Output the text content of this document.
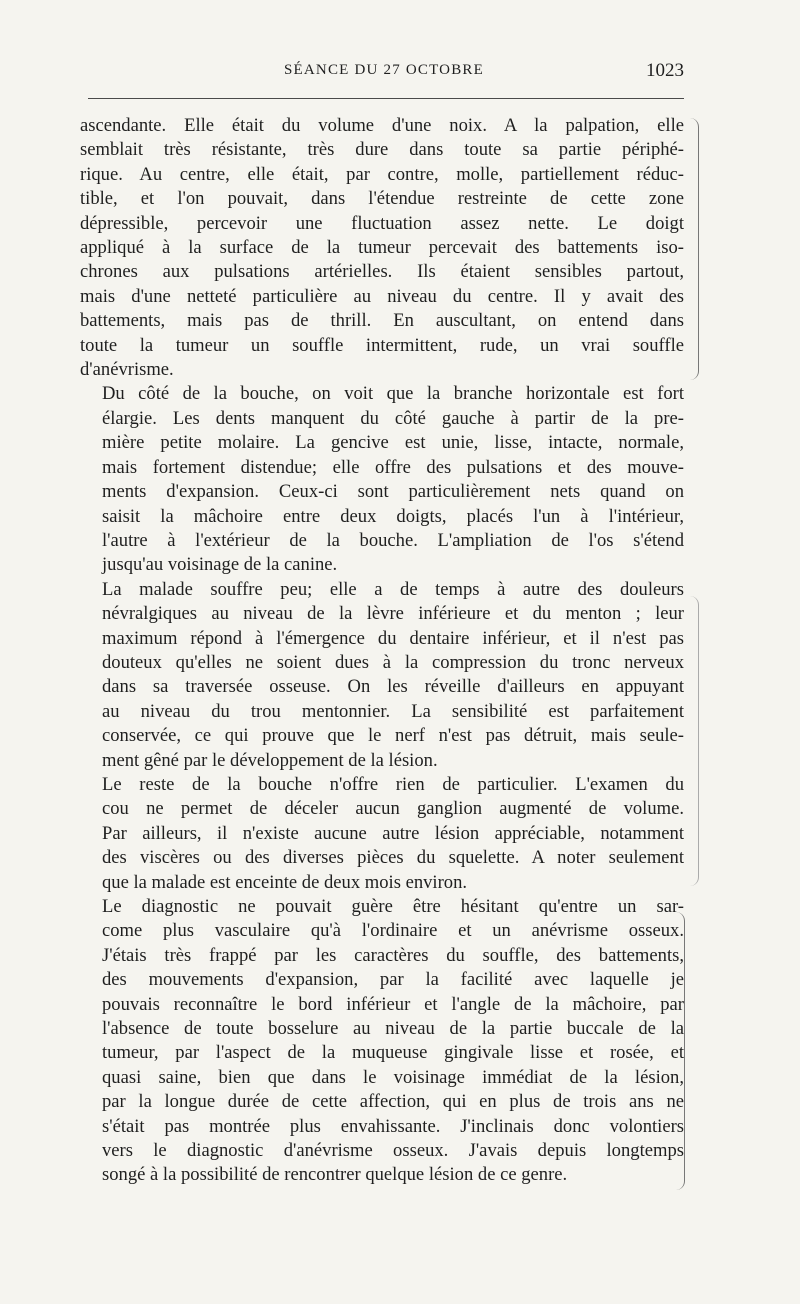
SÉANCE DU 27 OCTOBRE	1023
ascendante. Elle était du volume d'une noix. A la palpation, elle
semblait très résistante, très dure dans toute sa partie périphé-
rique. Au centre, elle était, par contre, molle, partiellement réduc-
tible, et l'on pouvait, dans l'étendue restreinte de cette zone
dépressible, percevoir une fluctuation assez nette. Le doigt
appliqué à la surface de la tumeur percevait des battements iso-
chrones aux pulsations artérielles. Ils étaient sensibles partout,
mais d'une netteté particulière au niveau du centre. Il y avait des
battements, mais pas de thrill. En auscultant, on entend dans
toute la tumeur un souffle intermittent, rude, un vrai souffle
d'anévrisme.
Du côté de la bouche, on voit que la branche horizontale est fort
élargie. Les dents manquent du côté gauche à partir de la pre-
mière petite molaire. La gencive est unie, lisse, intacte, normale,
mais fortement distendue; elle offre des pulsations et des mouve-
ments d'expansion. Ceux-ci sont particulièrement nets quand on
saisit la mâchoire entre deux doigts, placés l'un à l'intérieur,
l'autre à l'extérieur de la bouche. L'ampliation de l'os s'étend
jusqu'au voisinage de la canine.
La malade souffre peu; elle a de temps à autre des douleurs
névralgiques au niveau de la lèvre inférieure et du menton ; leur
maximum répond à l'émergence du dentaire inférieur, et il n'est pas
douteux qu'elles ne soient dues à la compression du tronc nerveux
dans sa traversée osseuse. On les réveille d'ailleurs en appuyant
au niveau du trou mentonnier. La sensibilité est parfaitement
conservée, ce qui prouve que le nerf n'est pas détruit, mais seule-
ment gêné par le développement de la lésion.
Le reste de la bouche n'offre rien de particulier. L'examen du
cou ne permet de déceler aucun ganglion augmenté de volume.
Par ailleurs, il n'existe aucune autre lésion appréciable, notamment
des viscères ou des diverses pièces du squelette. A noter seulement
que la malade est enceinte de deux mois environ.
Le diagnostic ne pouvait guère être hésitant qu'entre un sar-
come plus vasculaire qu'à l'ordinaire et un anévrisme osseux.
J'étais très frappé par les caractères du souffle, des battements,
des mouvements d'expansion, par la facilité avec laquelle je
pouvais reconnaître le bord inférieur et l'angle de la mâchoire, par
l'absence de toute bosselure au niveau de la partie buccale de la
tumeur, par l'aspect de la muqueuse gingivale lisse et rosée, et
quasi saine, bien que dans le voisinage immédiat de la lésion,
par la longue durée de cette affection, qui en plus de trois ans ne
s'était pas montrée plus envahissante. J'inclinais donc volontiers
vers le diagnostic d'anévrisme osseux. J'avais depuis longtemps
songé à la possibilité de rencontrer quelque lésion de ce genre.
